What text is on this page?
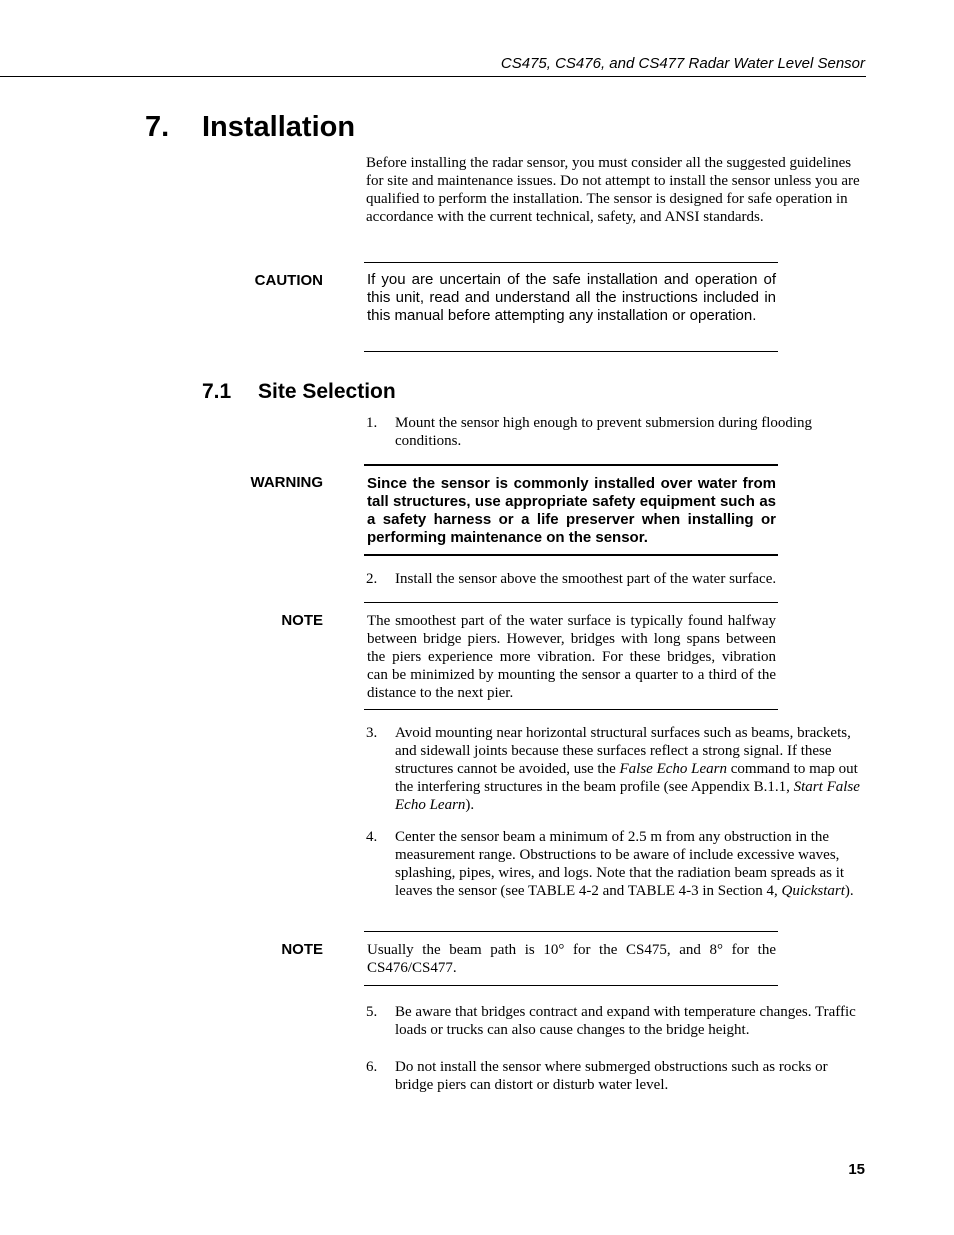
CS475, CS476, and CS477 Radar Water Level Sensor
7. Installation
Before installing the radar sensor, you must consider all the suggested guidelines for site and maintenance issues. Do not attempt to install the sensor unless you are qualified to perform the installation. The sensor is designed for safe operation in accordance with the current technical, safety, and ANSI standards.
CAUTION	If you are uncertain of the safe installation and operation of this unit, read and understand all the instructions included in this manual before attempting any installation or operation.

7.1 Site Selection
1.	Mount the sensor high enough to prevent submersion during flooding conditions.
WARNING	Since the sensor is commonly installed over water from tall structures, use appropriate safety equipment such as a safety harness or a life preserver when installing or performing maintenance on the sensor.

2.	Install the sensor above the smoothest part of the water surface.
NOTE	The smoothest part of the water surface is typically found halfway between bridge piers. However, bridges with long spans between the piers experience more vibration. For these bridges, vibration can be minimized by mounting the sensor a quarter to a third of the distance to the next pier.

3.	Avoid mounting near horizontal structural surfaces such as beams, brackets, and sidewall joints because these surfaces reflect a strong signal. If these structures cannot be avoided, use the False Echo Learn command to map out the interfering structures in the beam profile (see Appendix B.1.1, Start False Echo Learn).
4.	Center the sensor beam a minimum of 2.5 m from any obstruction in the measurement range. Obstructions to be aware of include excessive waves, splashing, pipes, wires, and logs. Note that the radiation beam spreads as it leaves the sensor (see TABLE 4-2 and TABLE 4-3 in Section 4, Quickstart).
NOTE	Usually the beam path is 10° for the CS475, and 8° for the CS476/CS477.

5.	Be aware that bridges contract and expand with temperature changes. Traffic loads or trucks can also cause changes to the bridge height.
6.	Do not install the sensor where submerged obstructions such as rocks or bridge piers can distort or disturb water level.
15
